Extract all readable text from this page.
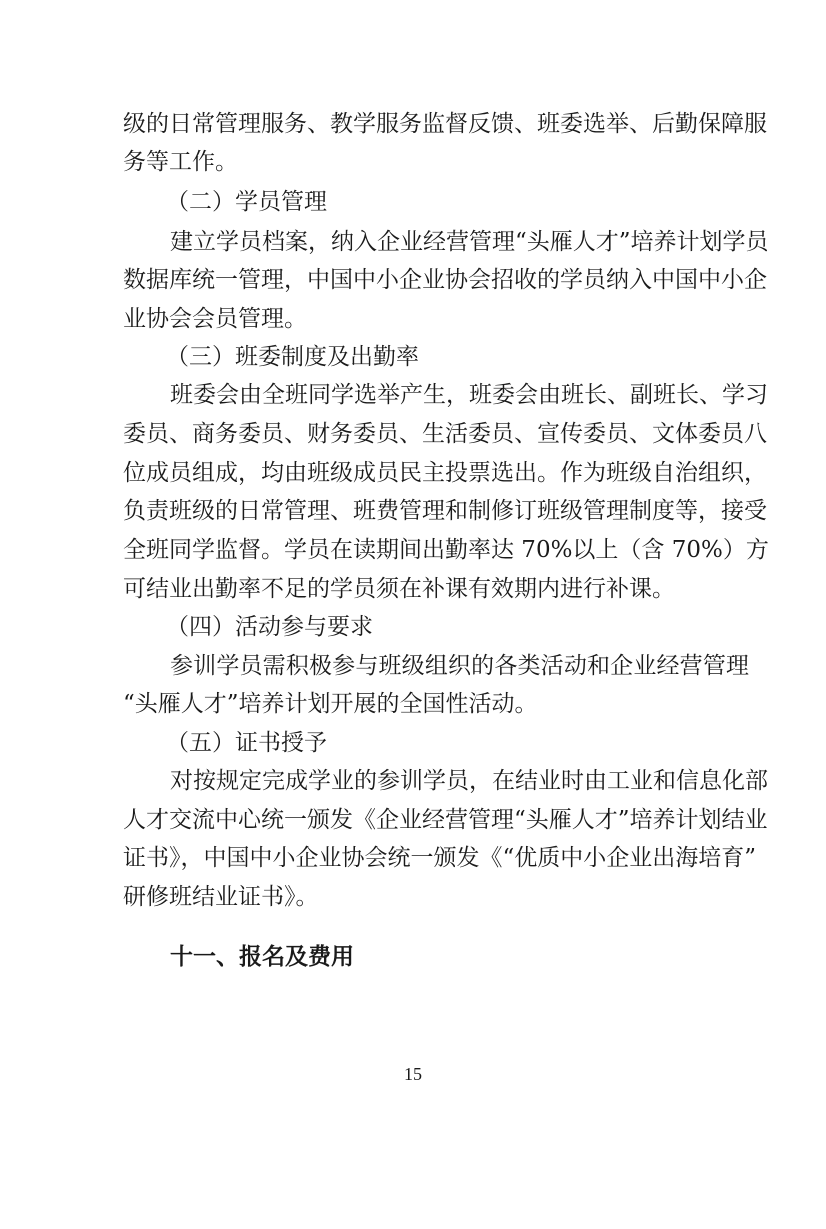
级的日常管理服务、教学服务监督反馈、班委选举、后勤保障服
务等工作。
（二）学员管理
建立学员档案，纳入企业经营管理“头雁人才”培养计划学员
数据库统一管理，中国中小企业协会招收的学员纳入中国中小企
业协会会员管理。
（三）班委制度及出勤率
班委会由全班同学选举产生，班委会由班长、副班长、学习
委员、商务委员、财务委员、生活委员、宣传委员、文体委员八
位成员组成，均由班级成员民主投票选出。作为班级自治组织，
负责班级的日常管理、班费管理和制修订班级管理制度等，接受
全班同学监督。学员在读期间出勤率达 70%以上（含 70%）方
可结业出勤率不足的学员须在补课有效期内进行补课。
（四）活动参与要求
参训学员需积极参与班级组织的各类活动和企业经营管理
“头雁人才”培养计划开展的全国性活动。
（五）证书授予
对按规定完成学业的参训学员，在结业时由工业和信息化部
人才交流中心统一颁发《企业经营管理“头雁人才”培养计划结业
证书》，中国中小企业协会统一颁发《“优质中小企业出海培育”
研修班结业证书》。
十一、报名及费用
15
